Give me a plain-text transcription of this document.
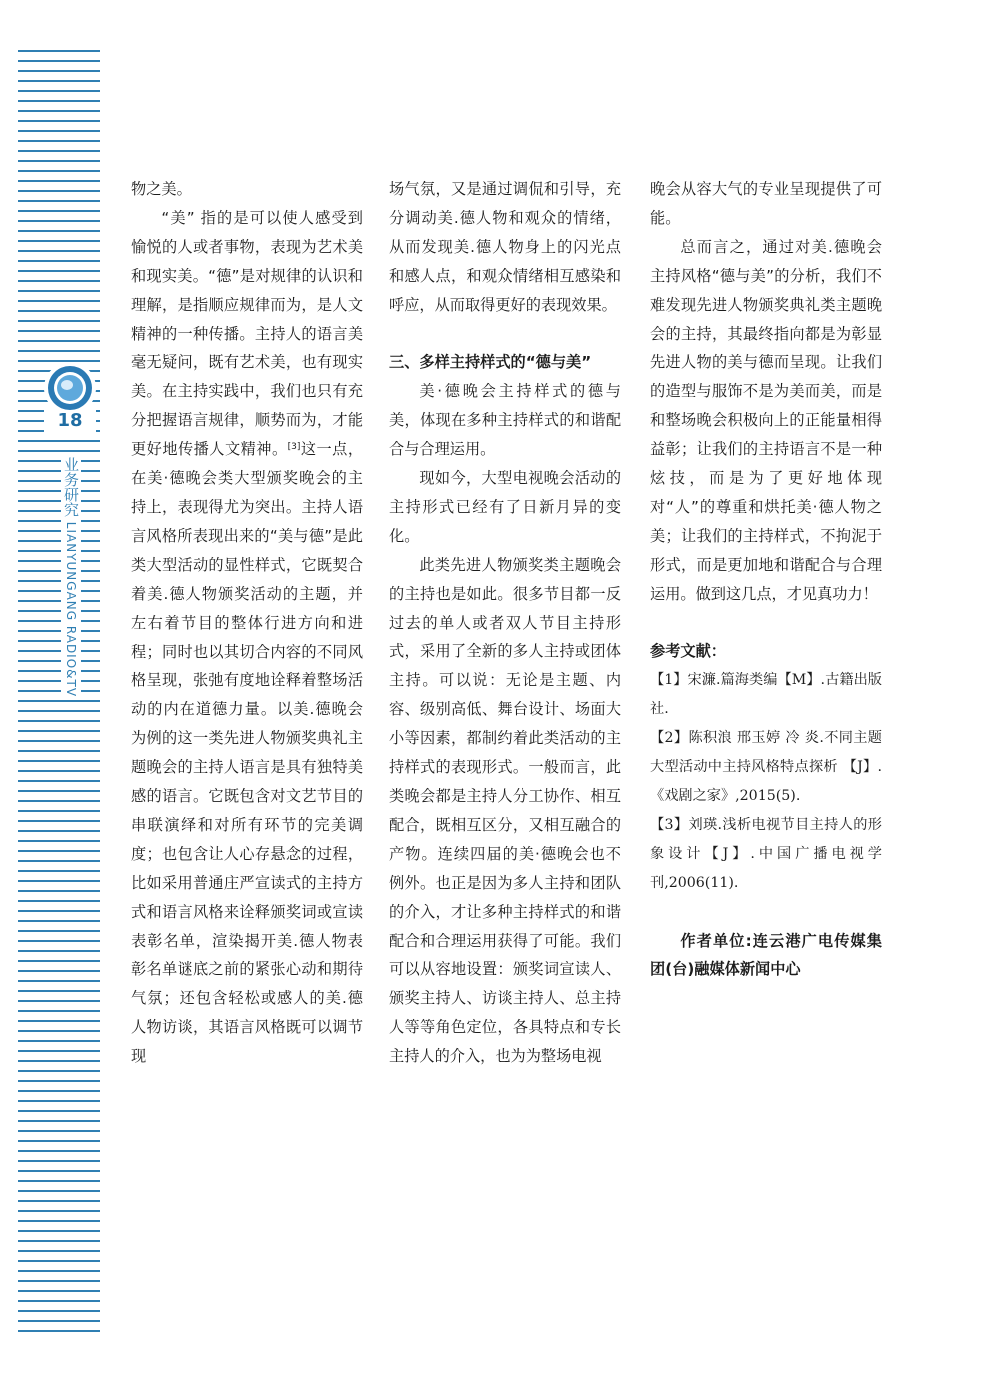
18
业务研究 LIANYUNGANG RADIO&TV

物之美。

“美” 指的是可以使人感受到愉悦的人或者事物，表现为艺术美和现实美。“德”是对规律的认识和理解，是指顺应规律而为，是人文精神的一种传播。主持人的语言美毫无疑问，既有艺术美，也有现实美。在主持实践中，我们也只有充分把握语言规律，顺势而为，才能更好地传播人文精神。[3]这一点，在美·德晚会类大型颁奖晚会的主持上，表现得尤为突出。主持人语言风格所表现出来的“美与德”是此类大型活动的显性样式，它既契合着美.德人物颁奖活动的主题，并左右着节目的整体行进方向和进程；同时也以其切合内容的不同风格呈现，张弛有度地诠释着整场活动的内在道德力量。以美.德晚会为例的这一类先进人物颁奖典礼主题晚会的主持人语言是具有独特美感的语言。它既包含对文艺节目的串联演绎和对所有环节的完美调度；也包含让人心存悬念的过程，比如采用普通庄严宣读式的主持方式和语言风格来诠释颁奖词或宣读表彰名单，渲染揭开美.德人物表彰名单谜底之前的紧张心动和期待气氛；还包含轻松或感人的美.德人物访谈，其语言风格既可以调节现

场气氛，又是通过调侃和引导，充分调动美.德人物和观众的情绪，从而发现美.德人物身上的闪光点和感人点，和观众情绪相互感染和呼应，从而取得更好的表现效果。

三、多样主持样式的“德与美”

美·德晚会主持样式的德与美，体现在多种主持样式的和谐配合与合理运用。

现如今，大型电视晚会活动的主持形式已经有了日新月异的变化。

此类先进人物颁奖类主题晚会的主持也是如此。很多节目都一反过去的单人或者双人节目主持形式，采用了全新的多人主持或团体主持。可以说：无论是主题、内容、级别高低、舞台设计、场面大小等因素，都制约着此类活动的主持样式的表现形式。一般而言，此类晚会都是主持人分工协作、相互配合，既相互区分，又相互融合的产物。连续四届的美·德晚会也不例外。也正是因为多人主持和团队的介入，才让多种主持样式的和谐配合和合理运用获得了可能。我们可以从容地设置：颁奖词宣读人、颁奖主持人、访谈主持人、总主持人等等角色定位，各具特点和专长主持人的介入，也为为整场电视

晚会从容大气的专业呈现提供了可能。

总而言之，通过对美.德晚会主持风格“德与美”的分析，我们不难发现先进人物颁奖典礼类主题晚会的主持，其最终指向都是为彰显先进人物的美与德而呈现。让我们的造型与服饰不是为美而美，而是和整场晚会积极向上的正能量相得益彰；让我们的主持语言不是一种炫技，而是为了更好地体现对“人”的尊重和烘托美·德人物之美；让我们的主持样式，不拘泥于形式，而是更加地和谐配合与合理运用。做到这几点，才见真功力！

参考文献：

【1】宋濂.篇海类编【M】.古籍出版社.

【2】陈积浪 邢玉婷 冷 炎.不同主题大型活动中主持风格特点探析 【J】.《戏剧之家》,2015(5).

【3】刘瑛.浅析电视节目主持人的形象设计【J】.中国广播电视学刊,2006(11).

作者单位:连云港广电传媒集团(台)融媒体新闻中心
